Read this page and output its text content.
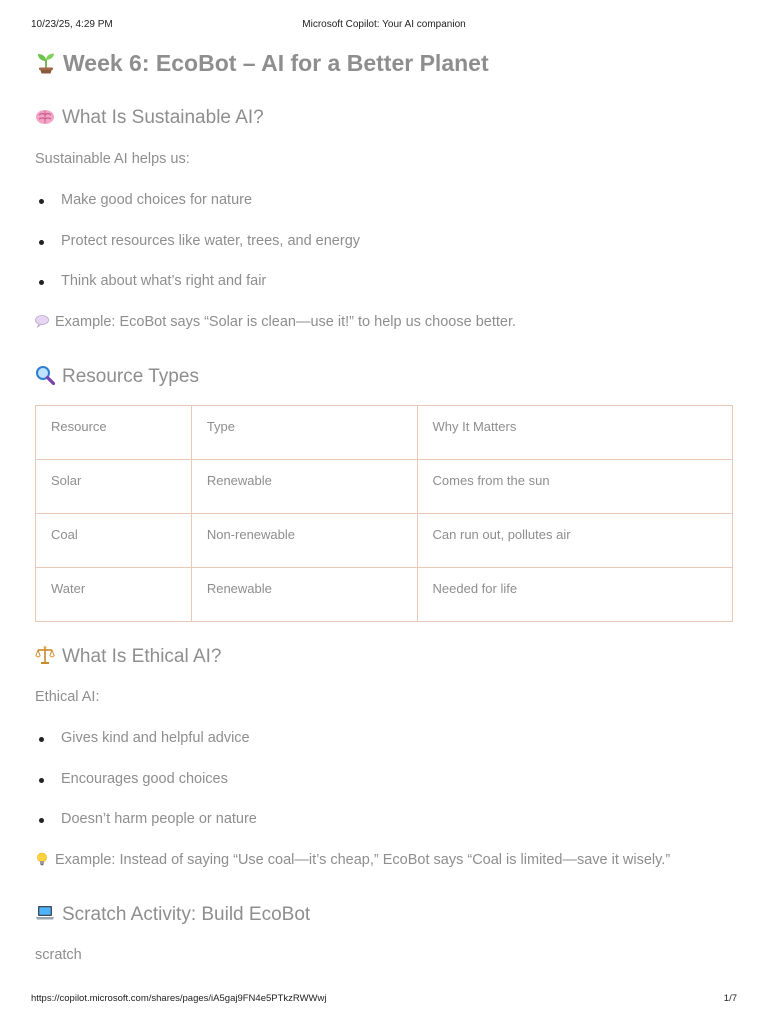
10/23/25, 4:29 PM	Microsoft Copilot: Your AI companion
Week 6: EcoBot – AI for a Better Planet
What Is Sustainable AI?

Sustainable AI helps us:

Make good choices for nature
Protect resources like water, trees, and energy
Think about what’s right and fair

Example: EcoBot says “Solar is clean—use it!” to help us choose better.

Resource Types
Resource	Type	Why It Matters
Solar	Renewable	Comes from the sun
Coal	Non-renewable	Can run out, pollutes air
Water	Renewable	Needed for life
What Is Ethical AI?

Ethical AI:

Gives kind and helpful advice
Encourages good choices
Doesn’t harm people or nature

Example: Instead of saying “Use coal—it’s cheap,” EcoBot says “Coal is limited—save it wisely.”

Scratch Activity: Build EcoBot

scratch

https://copilot.microsoft.com/shares/pages/iA5gaj9FN4e5PTkzRWWwj	1/7
